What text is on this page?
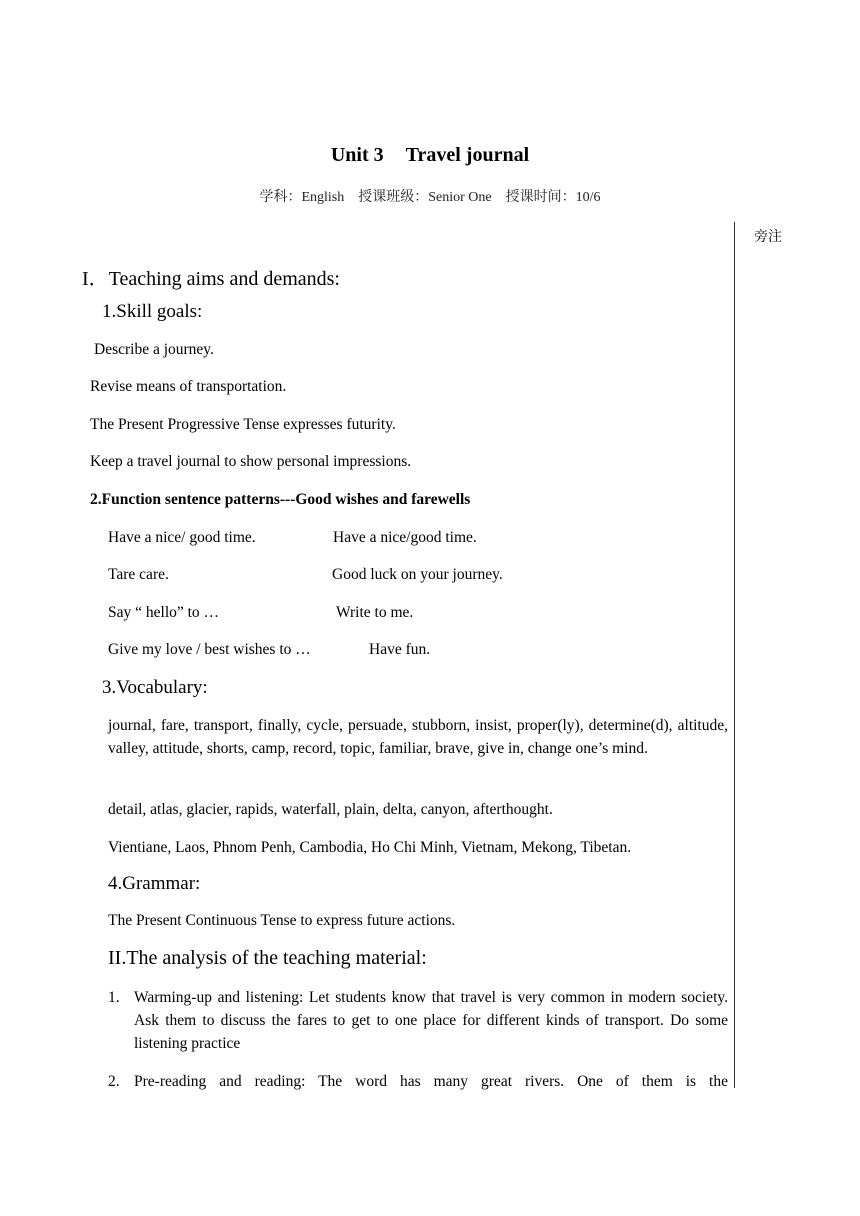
Unit 3 Travel journal
学科：English 授课班级：Senior One 授课时间：10/6
旁注
I．Teaching aims and demands:
1.Skill goals:
Describe a journey.
Revise means of transportation.
The Present Progressive Tense expresses futurity.
Keep a travel journal to show personal impressions.
2.Function sentence patterns---Good wishes and farewells
Have a nice/ good time.	Have a nice/good time.
Tare care.	Good luck on your journey.
Say “ hello” to …	Write to me.
Give my love / best wishes to …	Have fun.
3.Vocabulary:
journal, fare, transport, finally, cycle, persuade, stubborn, insist, proper(ly), determine(d), altitude, valley, attitude, shorts, camp, record, topic, familiar, brave, give in, change one’s mind.
detail, atlas, glacier, rapids, waterfall, plain, delta, canyon, afterthought.
Vientiane, Laos, Phnom Penh, Cambodia, Ho Chi Minh, Vietnam, Mekong, Tibetan.
4.Grammar:
The Present Continuous Tense to express future actions.
II.The analysis of the teaching material:
1. Warming-up and listening: Let students know that travel is very common in modern society. Ask them to discuss the fares to get to one place for different kinds of transport. Do some listening practice
2. Pre-reading and reading: The word has many great rivers. One of them is the
